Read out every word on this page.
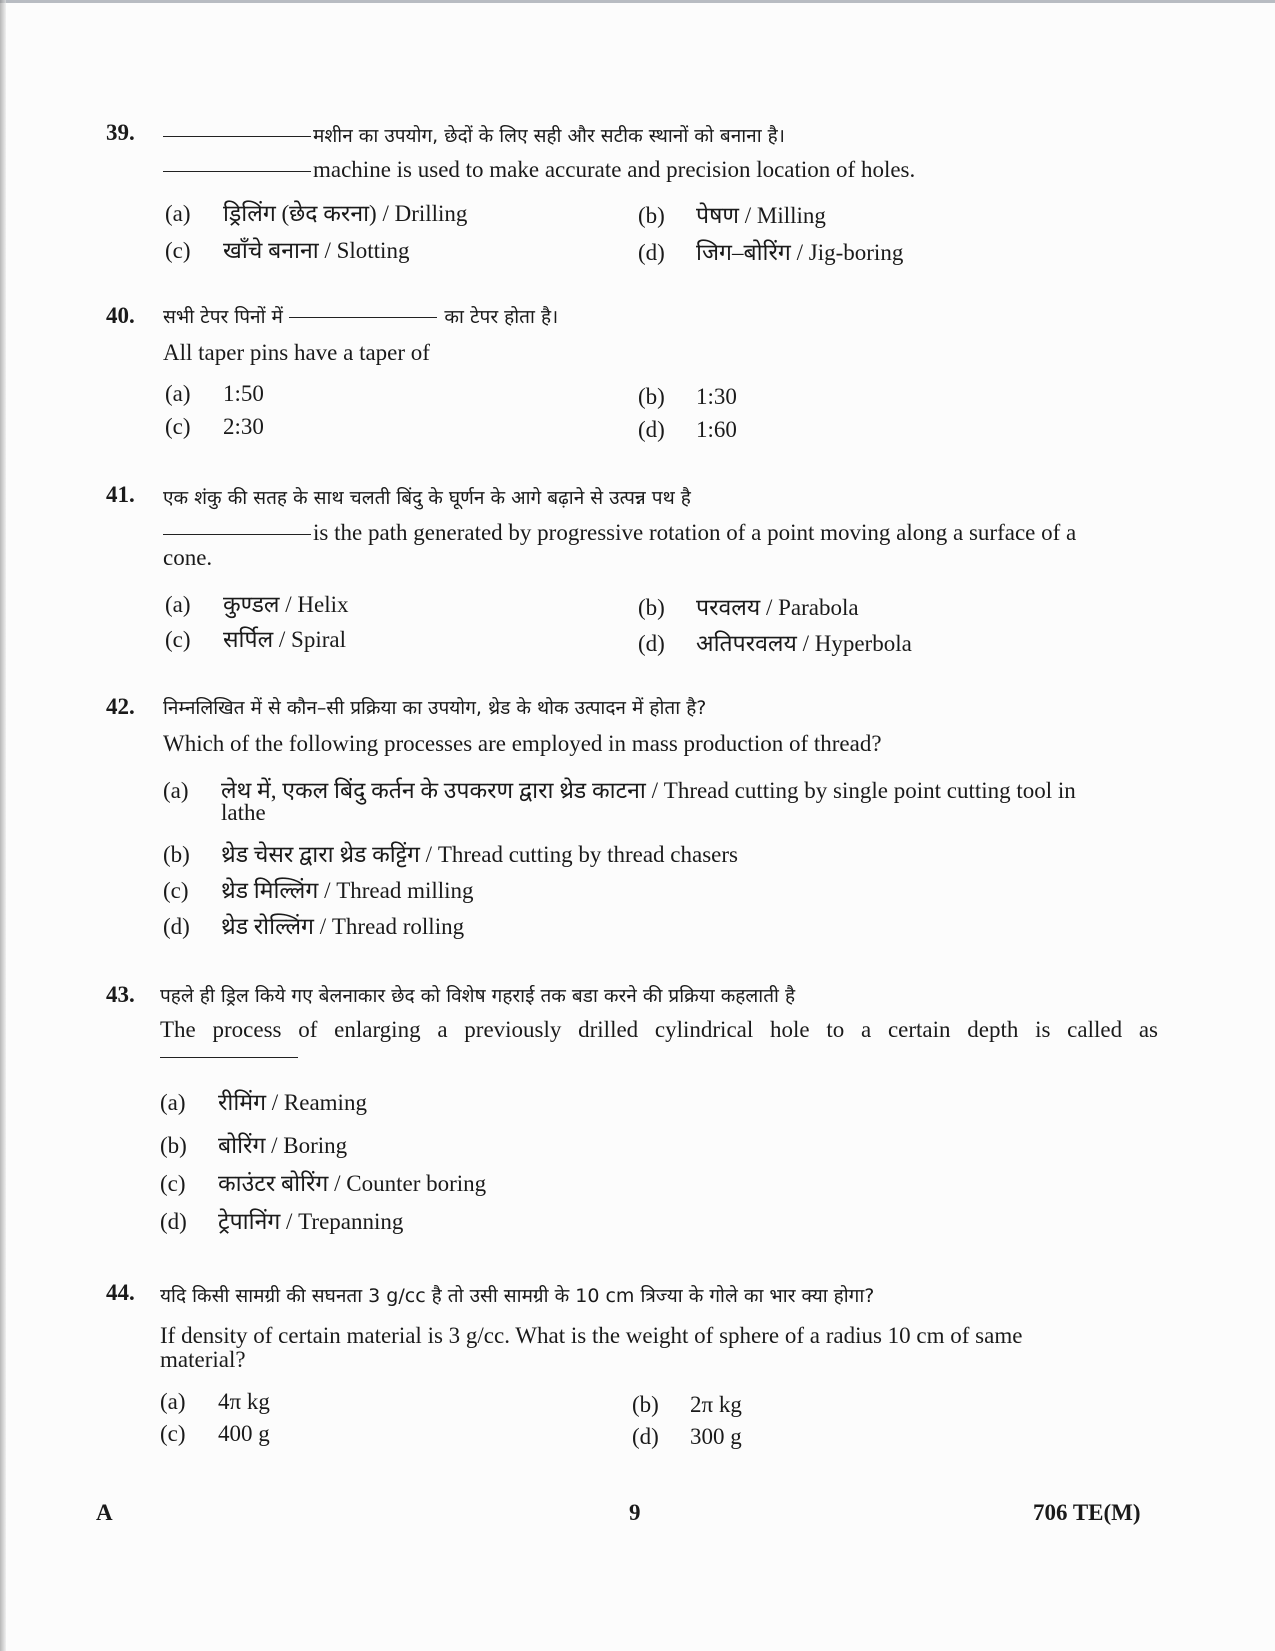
39.	मशीन का उपयोग, छेदों के लिए सही और सटीक स्थानों को बनाना है।
machine is used to make accurate and precision location of holes.
(a) ड्रिलिंग (छेद करना) / Drilling	(b) पेषण / Milling
(c) खाँचे बनाना / Slotting	(d) जिग–बोरिंग / Jig-boring
40. सभी टेपर पिनों में	का टेपर होता है।
All taper pins have a taper of
(a) 1:50	(b) 1:30
(c) 2:30	(d) 1:60
41. एक शंकु की सतह के साथ चलती बिंदु के घूर्णन के आगे बढ़ाने से उत्पन्न पथ है
is the path generated by progressive rotation of a point moving along a surface of a
cone.
(a) कुण्डल / Helix	(b) परवलय / Parabola
(c) सर्पिल / Spiral	(d) अतिपरवलय / Hyperbola
42. निम्नलिखित में से कौन–सी प्रक्रिया का उपयोग, थ्रेड के थोक उत्पादन में होता है?
Which of the following processes are employed in mass production of thread?
(a) लेथ में, एकल बिंदु कर्तन के उपकरण द्वारा थ्रेड काटना / Thread cutting by single point cutting tool in
lathe
(b) थ्रेड चेसर द्वारा थ्रेड कट्टिंग / Thread cutting by thread chasers
(c) थ्रेड मिल्लिंग / Thread milling
(d) थ्रेड रोल्लिंग / Thread rolling
43. पहले ही ड्रिल किये गए बेलनाकार छेद को विशेष गहराई तक बडा करने की प्रक्रिया कहलाती है
The process of enlarging a previously drilled cylindrical hole to a certain depth is called as
(a) रीमिंग / Reaming
(b) बोरिंग / Boring
(c) काउंटर बोरिंग / Counter boring
(d) ट्रेपानिंग / Trepanning
44. यदि किसी सामग्री की सघनता 3 g/cc है तो उसी सामग्री के 10 cm त्रिज्या के गोले का भार क्या होगा?
If density of certain material is 3 g/cc. What is the weight of sphere of a radius 10 cm of same
material?
(a) 4π kg	(b) 2π kg
(c) 400 g	(d) 300 g
A	9	706 TE(M)
